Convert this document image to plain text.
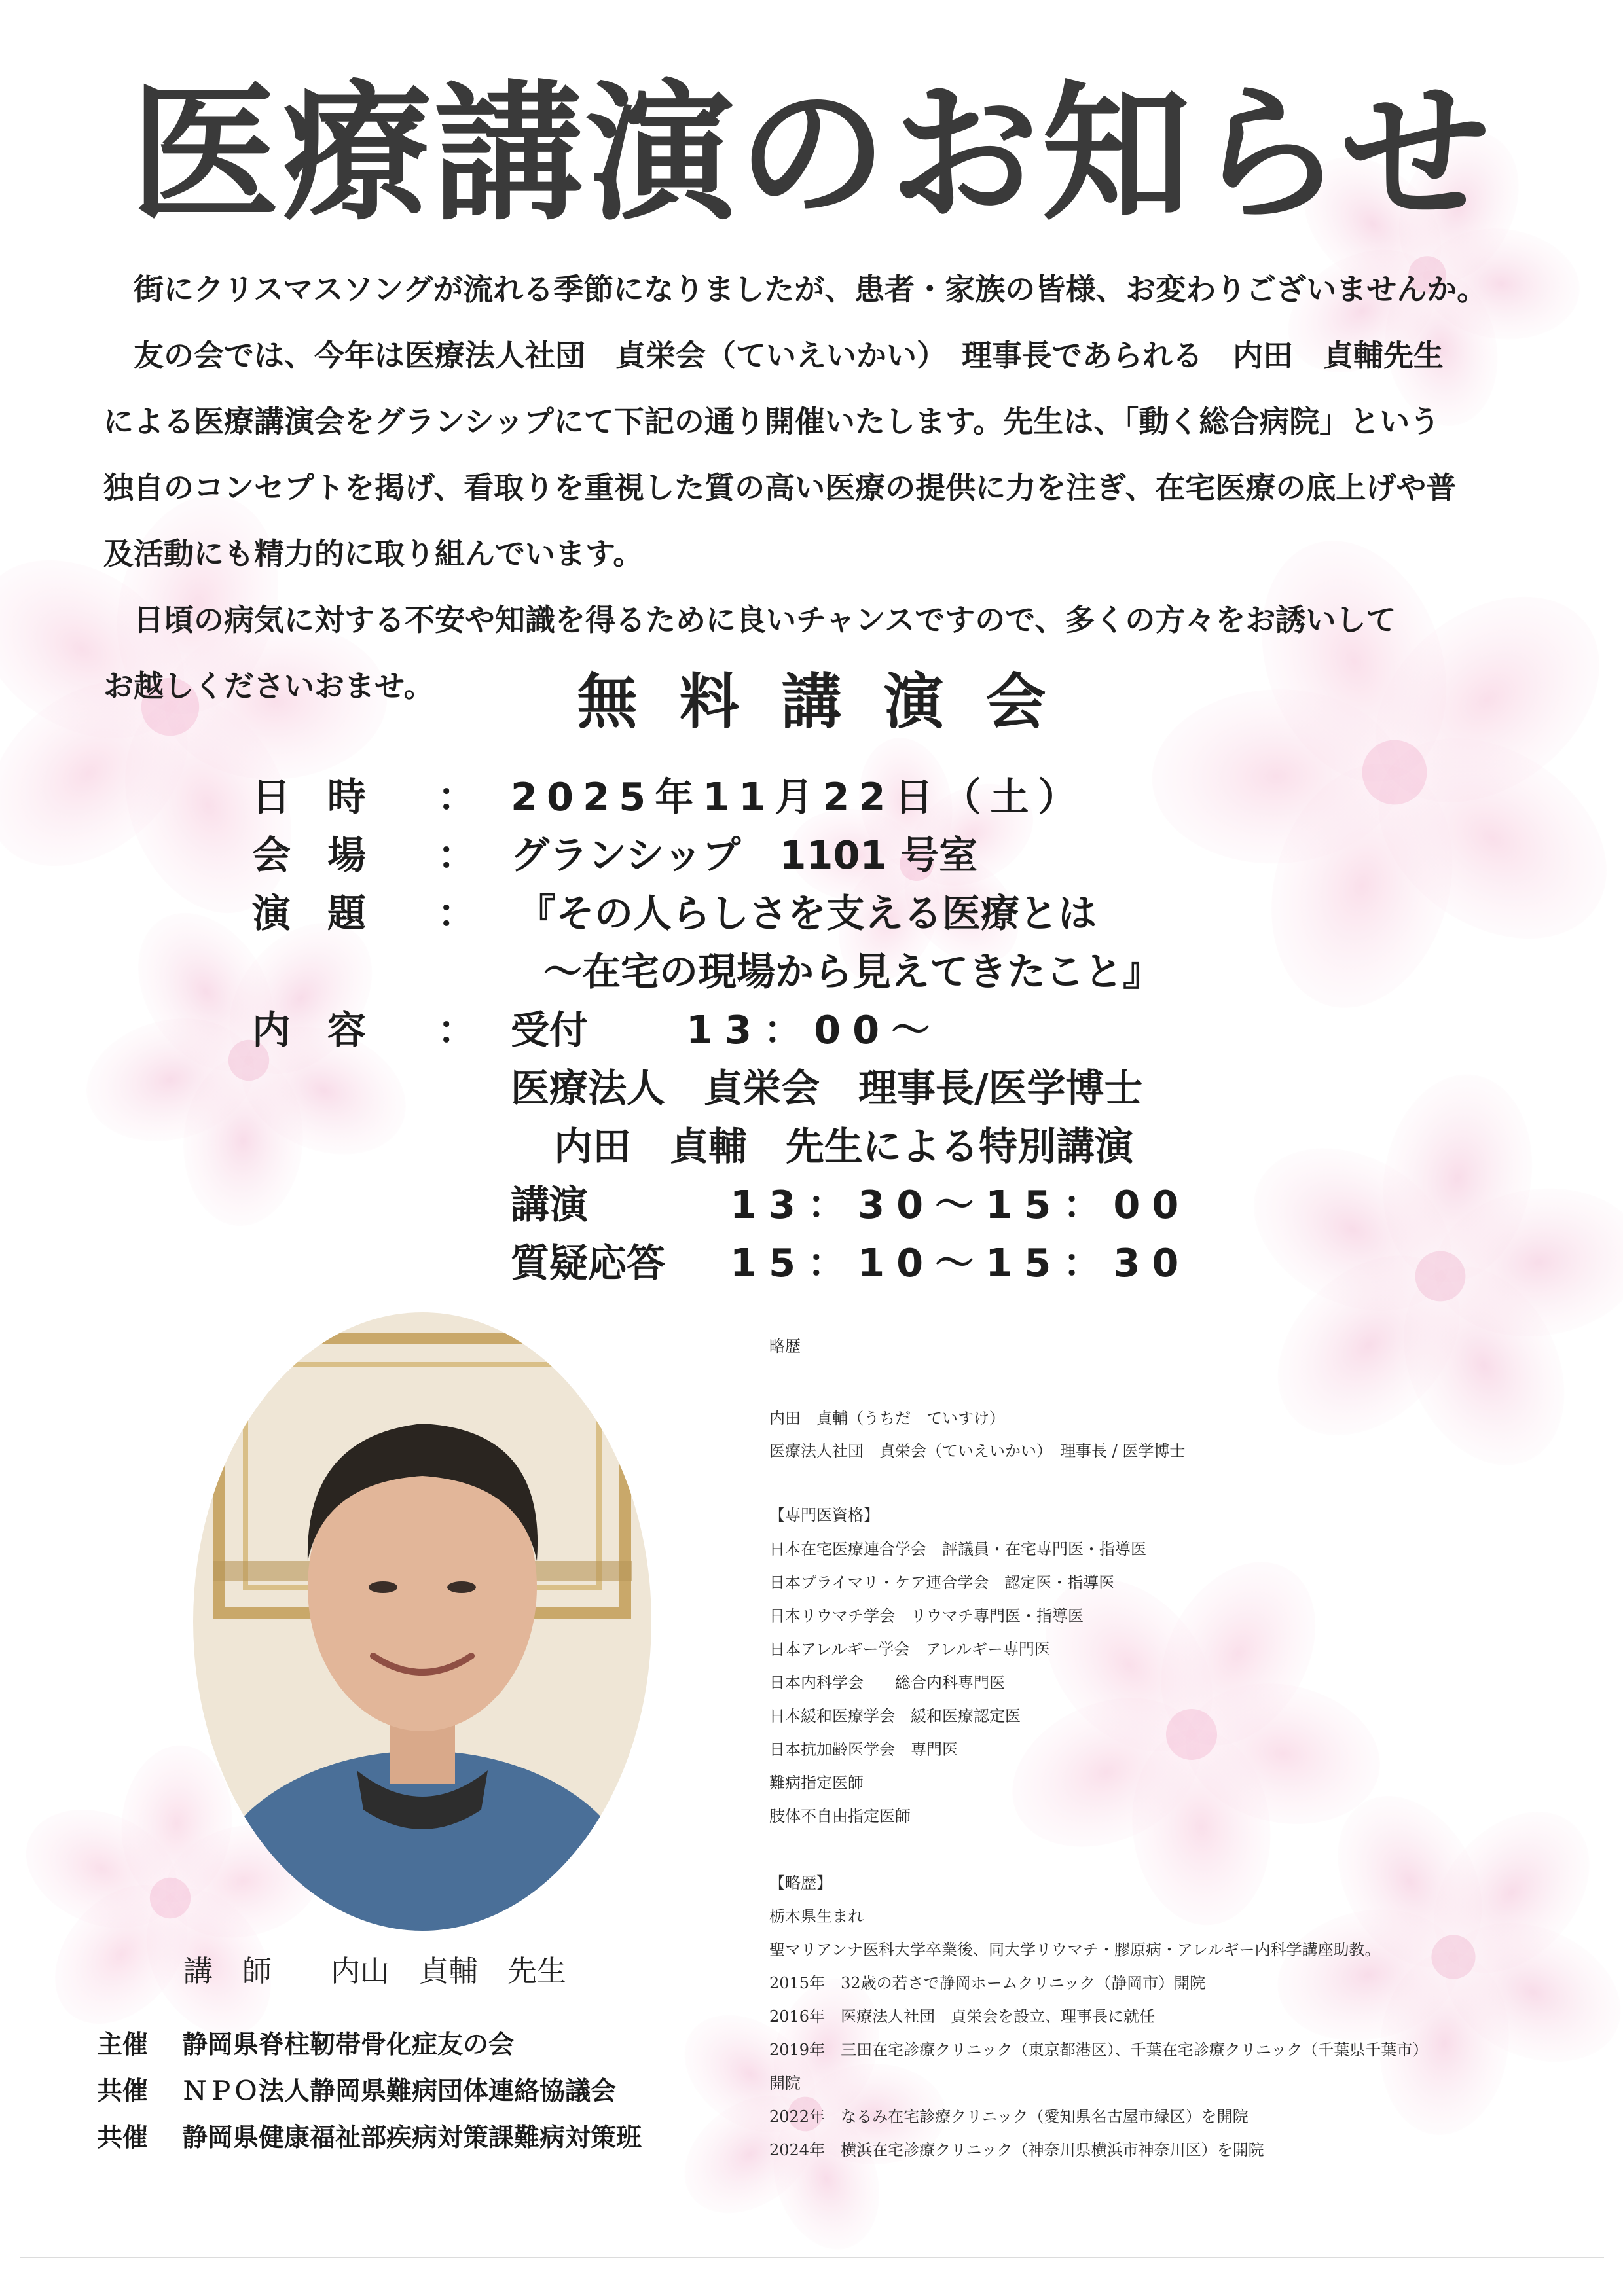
医療講演のお知らせ

　街にクリスマスソングが流れる季節になりましたが、患者・家族の皆様、お変わりございませんか。

　友の会では、今年は医療法人社団　貞栄会（ていえいかい）　理事長であられる　内田　貞輔先生

による医療講演会をグランシップにて下記の通り開催いたします。先生は、「動く総合病院」という

独自のコンセプトを掲げ、看取りを重視した質の高い医療の提供に力を注ぎ、在宅医療の底上げや普

及活動にも精力的に取り組んでいます。

　日頃の病気に対する不安や知識を得るために良いチャンスですので、多くの方々をお誘いして

お越しくださいおませ。	無料講演会
日時 ： 2025年11月22日（土）
会場 ： グランシップ　1101 号室
演題 ： 『その人らしさを支える医療とは
～在宅の現場から見えてきたこと』
内容 ： 受付	13：00～
医療法人　貞栄会　理事長/医学博士
内田　貞輔　先生による特別講演
講演	13：30～15：00
質疑応答 15：10～15：30
講　師　　内山　貞輔　先生
略歴
内田　貞輔（うちだ　ていすけ）
医療法人社団　貞栄会（ていえいかい）　理事長 / 医学博士
【専門医資格】
日本在宅医療連合学会　評議員・在宅専門医・指導医
日本プライマリ・ケア連合学会　認定医・指導医
日本リウマチ学会　リウマチ専門医・指導医
日本アレルギー学会　アレルギー専門医
日本内科学会　　総合内科専門医
日本緩和医療学会　緩和医療認定医
日本抗加齢医学会　専門医
難病指定医師
肢体不自由指定医師
【略歴】
栃木県生まれ
聖マリアンナ医科大学卒業後、同大学リウマチ・膠原病・アレルギー内科学講座助教。
2015年　32歳の若さで静岡ホームクリニック（静岡市）開院
2016年　医療法人社団　貞栄会を設立、理事長に就任
2019年　三田在宅診療クリニック（東京都港区）、千葉在宅診療クリニック（千葉県千葉市）
開院
2022年　なるみ在宅診療クリニック（愛知県名古屋市緑区）を開院
2024年　横浜在宅診療クリニック（神奈川県横浜市神奈川区）を開院
主催 静岡県脊柱靭帯骨化症友の会
共催 ＮＰＯ法人静岡県難病団体連絡協議会
共催 静岡県健康福祉部疾病対策課難病対策班
